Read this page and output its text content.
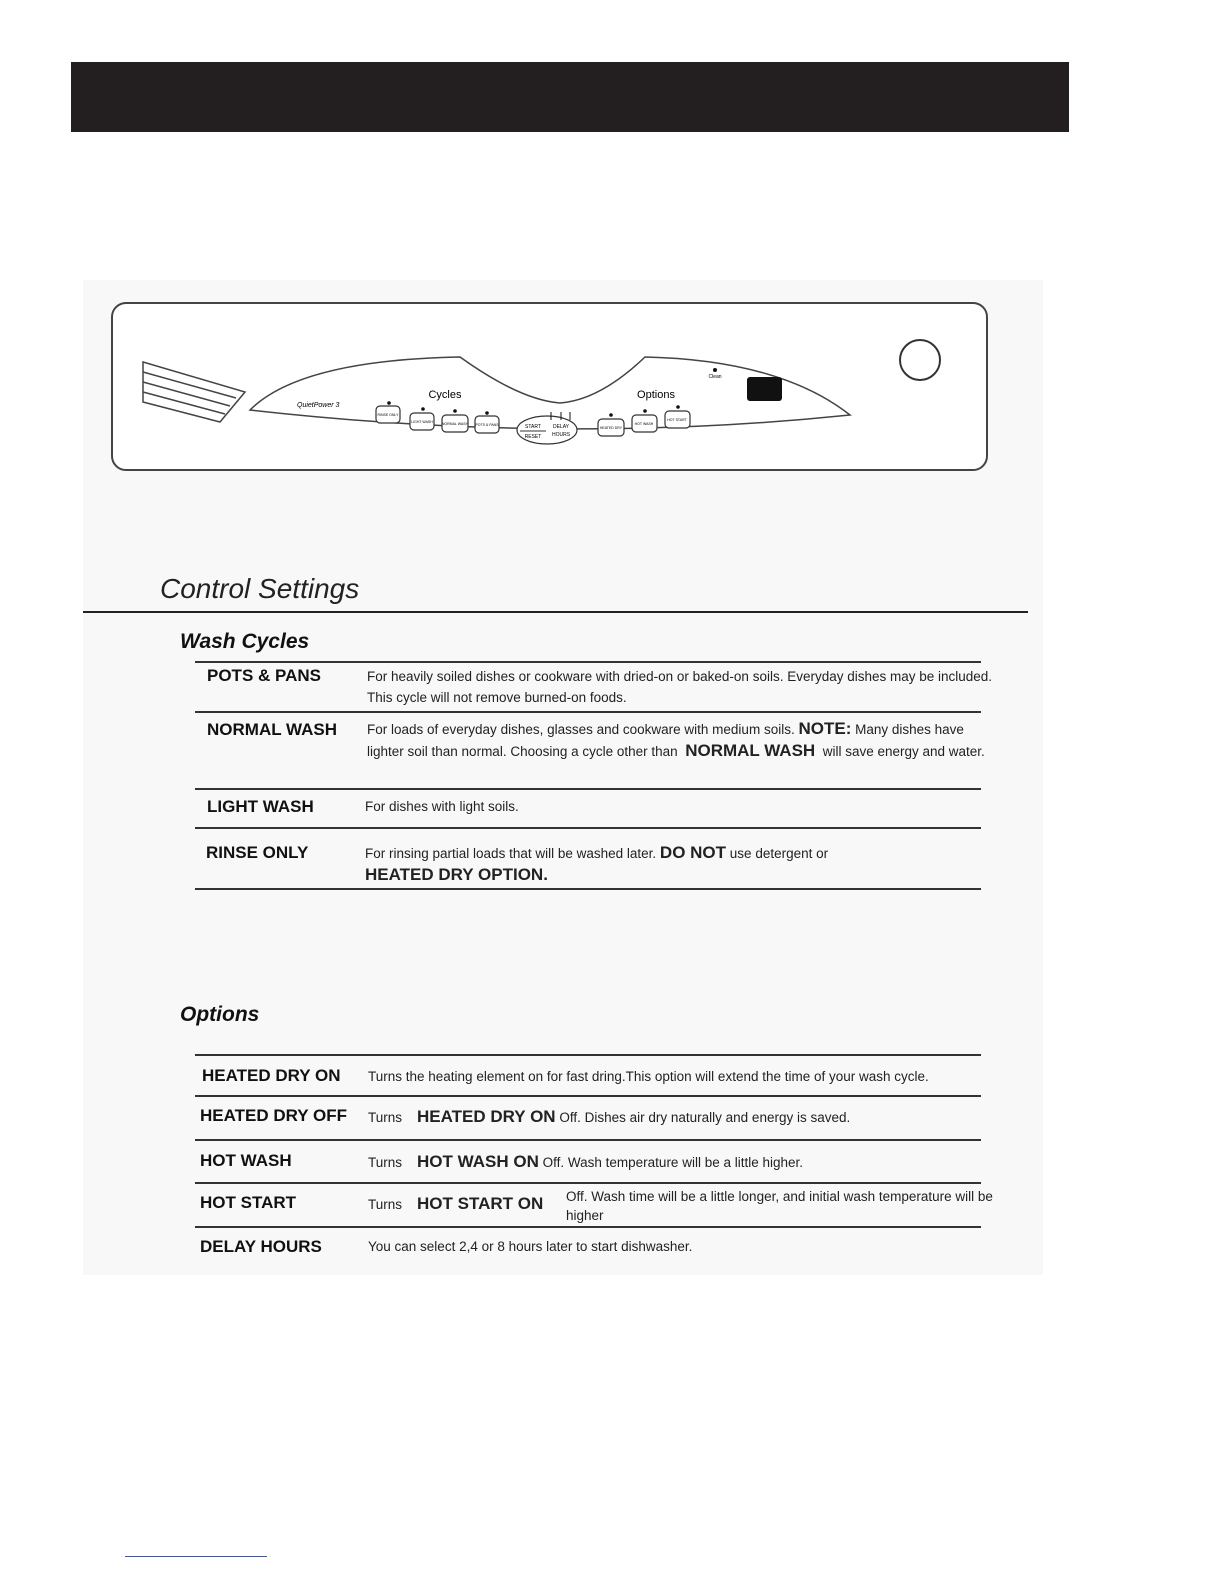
Clean
QuietPower 3
Cycles	Options
RINSE ONLY
LIGHT WASH	NORMAL WASH POTS & PANS
HEATED DRY
HOT WASH
HOT START
START
RESET
DELAY
HOURS
Control Settings
Wash Cycles
POTS & PANS	For heavily soiled dishes or cookware with dried-on or baked-on soils. Everyday dishes may be included. This cycle will not remove burned-on foods.
NORMAL WASH For loads of everyday dishes, glasses and cookware with medium soils. NOTE: Many dishes have lighter soil than normal. Choosing a cycle other than NORMAL WASH will save energy and water.
LIGHT WASH	For dishes with light soils.
RINSE ONLY	For rinsing partial loads that will be washed later. DO NOT use detergent or
HEATED DRY OPTION.
Options
HEATED DRY ON Turns the heating element on for fast dring.This option will extend the time of your wash cycle.
HEATED DRY OFF Turns HEATED DRY ON Off. Dishes air dry naturally and energy is saved.
HOT WASH	Turns HOT WASH ON Off. Wash temperature will be a little higher.
HOT START	Turns HOT START ON	Off. Wash time will be a little longer, and initial wash temperature will be higher
DELAY HOURS	You can select 2,4 or 8 hours later to start dishwasher.
